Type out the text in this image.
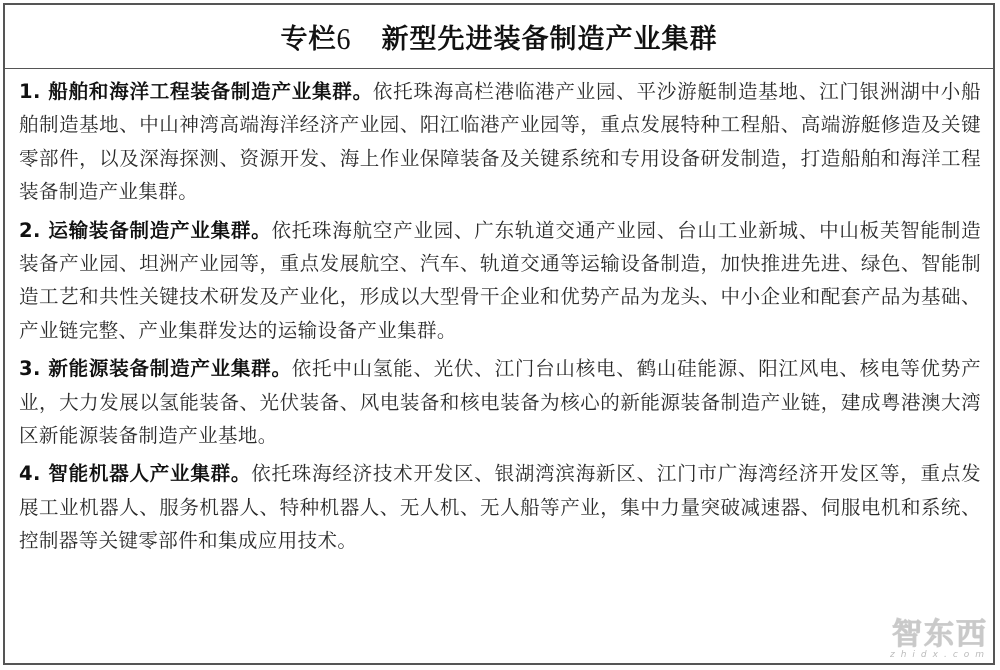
专栏6 新型先进装备制造产业集群

1. 船舶和海洋工程装备制造产业集群。依托珠海高栏港临港产业园、平沙游艇制造基地、江门银洲湖中小船舶制造基地、中山神湾高端海洋经济产业园、阳江临港产业园等，重点发展特种工程船、高端游艇修造及关键零部件，以及深海探测、资源开发、海上作业保障装备及关键系统和专用设备研发制造，打造船舶和海洋工程装备制造产业集群。

2. 运输装备制造产业集群。依托珠海航空产业园、广东轨道交通产业园、台山工业新城、中山板芙智能制造装备产业园、坦洲产业园等，重点发展航空、汽车、轨道交通等运输设备制造，加快推进先进、绿色、智能制造工艺和共性关键技术研发及产业化，形成以大型骨干企业和优势产品为龙头、中小企业和配套产品为基础、产业链完整、产业集群发达的运输设备产业集群。

3. 新能源装备制造产业集群。依托中山氢能、光伏、江门台山核电、鹤山硅能源、阳江风电、核电等优势产业，大力发展以氢能装备、光伏装备、风电装备和核电装备为核心的新能源装备制造产业链，建成粤港澳大湾区新能源装备制造产业基地。

4. 智能机器人产业集群。依托珠海经济技术开发区、银湖湾滨海新区、江门市广海湾经济开发区等，重点发展工业机器人、服务机器人、特种机器人、无人机、无人船等产业，集中力量突破减速器、伺服电机和系统、控制器等关键零部件和集成应用技术。

智东西
zhidx.com
